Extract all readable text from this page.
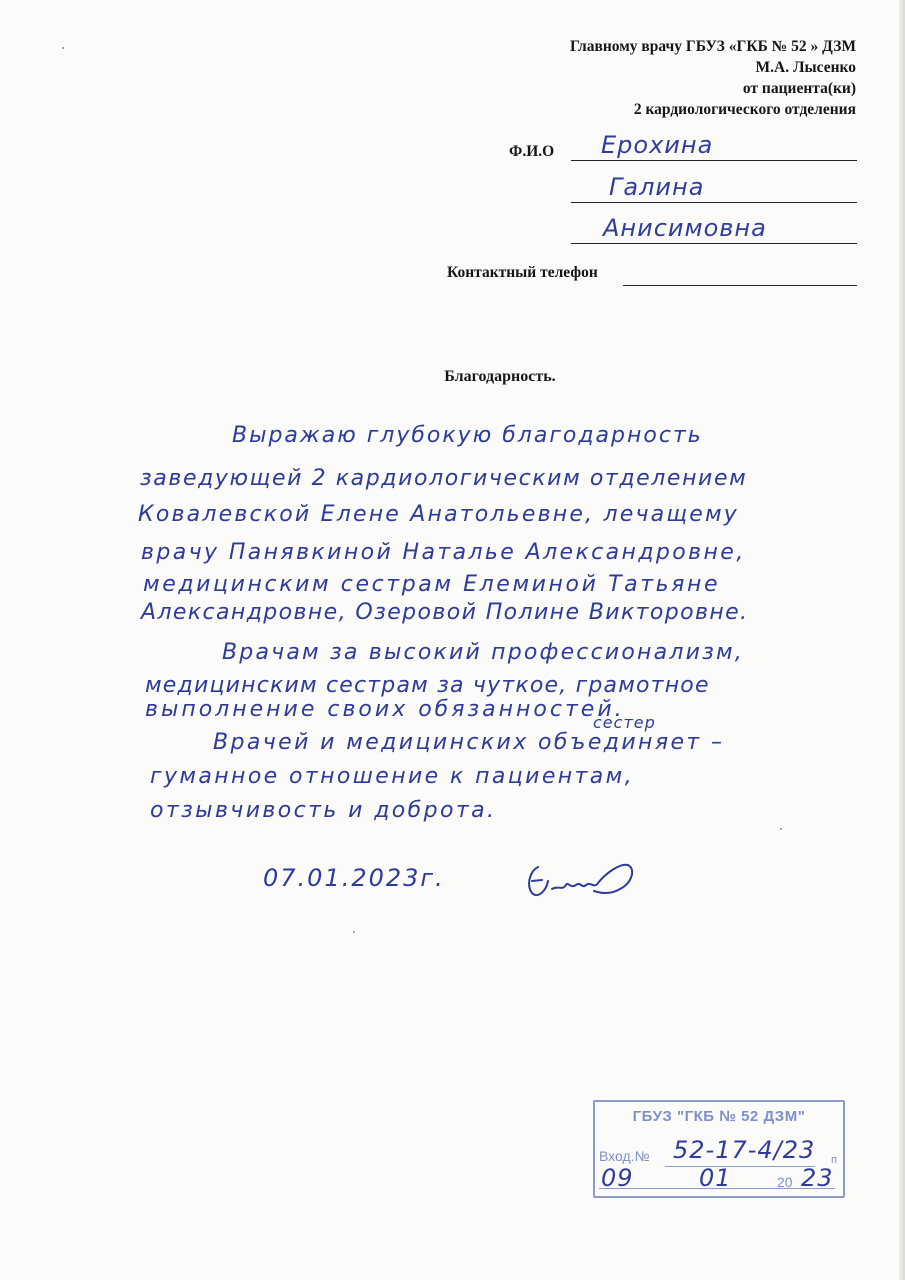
Главному врачу ГБУЗ «ГКБ № 52 » ДЗМ
М.А. Лысенко
от пациента(ки)
2 кардиологического отделения
Ф.И.О Ерохина
Галина
Анисимовна
Контактный телефон
Благодарность.
Выражаю глубокую благодарность
заведующей 2 кардиологическим отделением
Ковалевской Елене Анатольевне, лечащему
врачу Панявкиной Наталье Александровне,
медицинским сестрам Елеминой Татьяне
Александровне, Озеровой Полине Викторовне.
Врачам за высокий профессионализм,
медицинским сестрам за чуткое, грамотное
выполнение своих обязанностей.
сестер
Врачей и медицинских объединяет –
гуманное отношение к пациентам,
отзывчивость и доброта.
07.01.2023г.
ГБУЗ "ГКБ № 52 ДЗМ"
Вход.№	п
20
52-17-4/23
09	01	23
